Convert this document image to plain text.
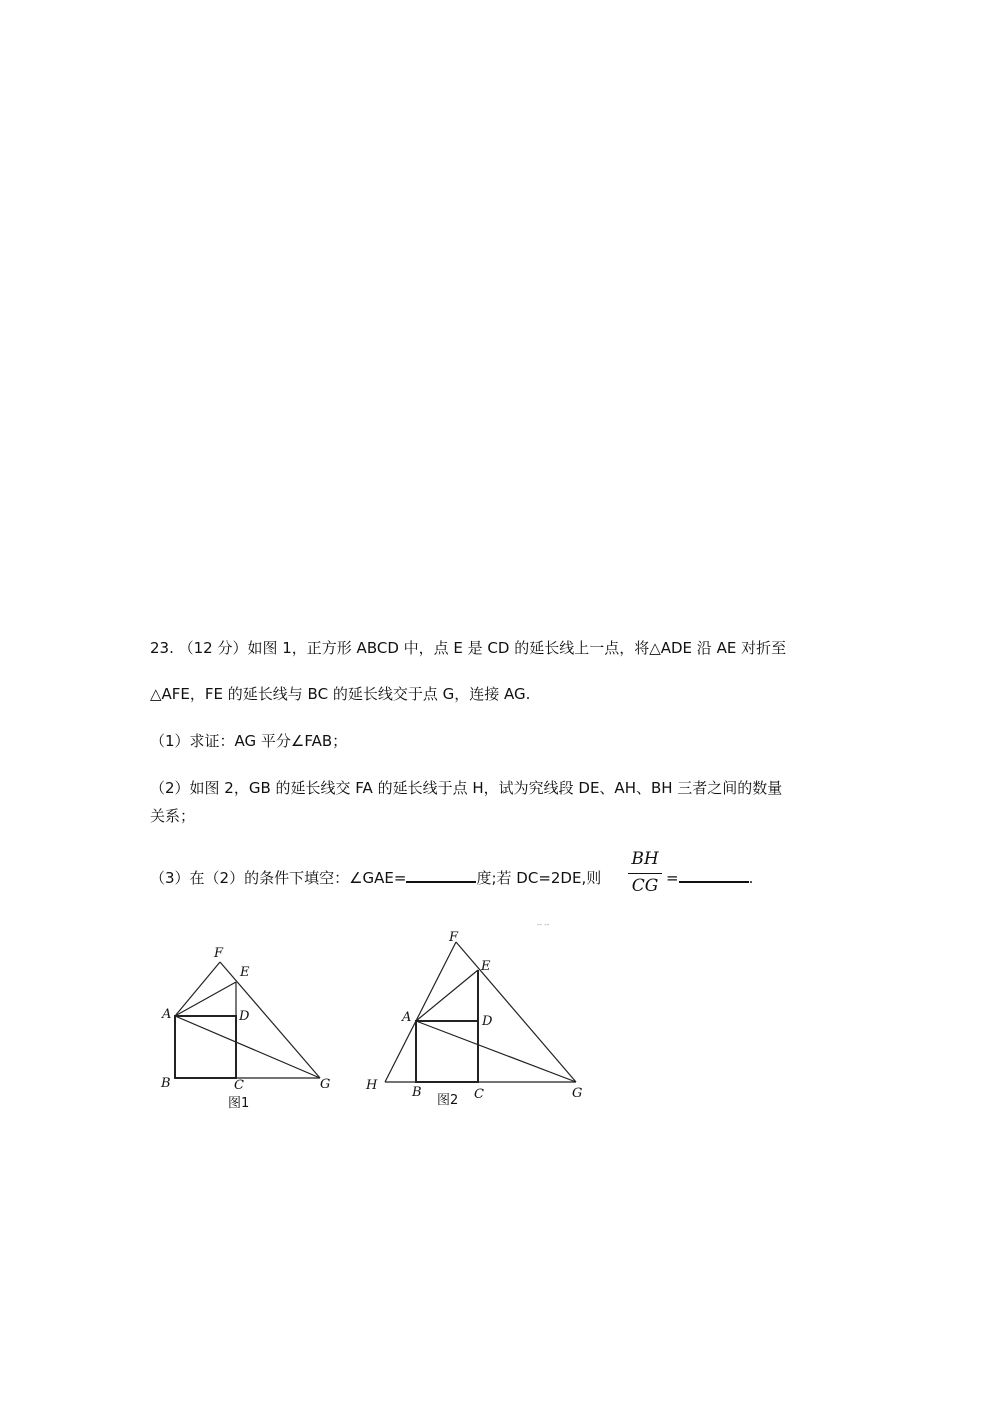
23. （12 分）如图 1，正方形 ABCD 中，点 E 是 CD 的延长线上一点，将△ADE 沿 AE 对折至
△AFE，FE 的延长线与 BC 的延长线交于点 G，连接 AG.
（1）求证：AG 平分∠FAB；
（2）如图 2，GB 的延长线交 FA 的延长线于点 H，试为究线段 DE、AH、BH 三者之间的数量
关系；
（3）在（2）的条件下填空：∠GAE=	度;若 DC=2DE,则
BH
CG =	.
-- --
F
E
A	D
B	C	G
图1
F
E
A	D
H	B	C	G
图2
